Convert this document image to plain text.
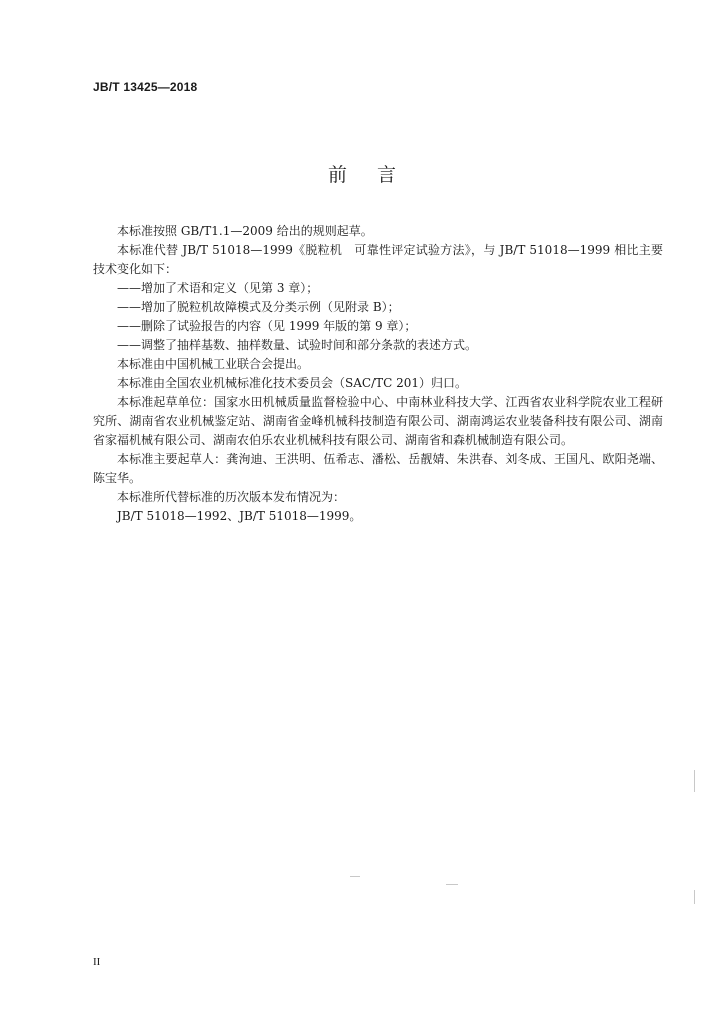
JB/T 13425—2018
前言

本标准按照 GB/T1.1—2009 给出的规则起草。

本标准代替 JB/T 51018—1999《脱粒机　可靠性评定试验方法》，与 JB/T 51018—1999 相比主要技术变化如下：

——增加了术语和定义（见第 3 章）；

——增加了脱粒机故障模式及分类示例（见附录 B）；

——删除了试验报告的内容（见 1999 年版的第 9 章）；

——调整了抽样基数、抽样数量、试验时间和部分条款的表述方式。

本标准由中国机械工业联合会提出。

本标准由全国农业机械标准化技术委员会（SAC/TC 201）归口。

本标准起草单位：国家水田机械质量监督检验中心、中南林业科技大学、江西省农业科学院农业工程研究所、湖南省农业机械鉴定站、湖南省金峰机械科技制造有限公司、湖南鸿运农业装备科技有限公司、湖南省家福机械有限公司、湖南农伯乐农业机械科技有限公司、湖南省和森机械制造有限公司。

本标准主要起草人：龚洵迪、王洪明、伍希志、潘松、岳靓婧、朱洪春、刘冬成、王国凡、欧阳尧端、陈宝华。

本标准所代替标准的历次版本发布情况为：

JB/T 51018—1992、JB/T 51018—1999。

II
